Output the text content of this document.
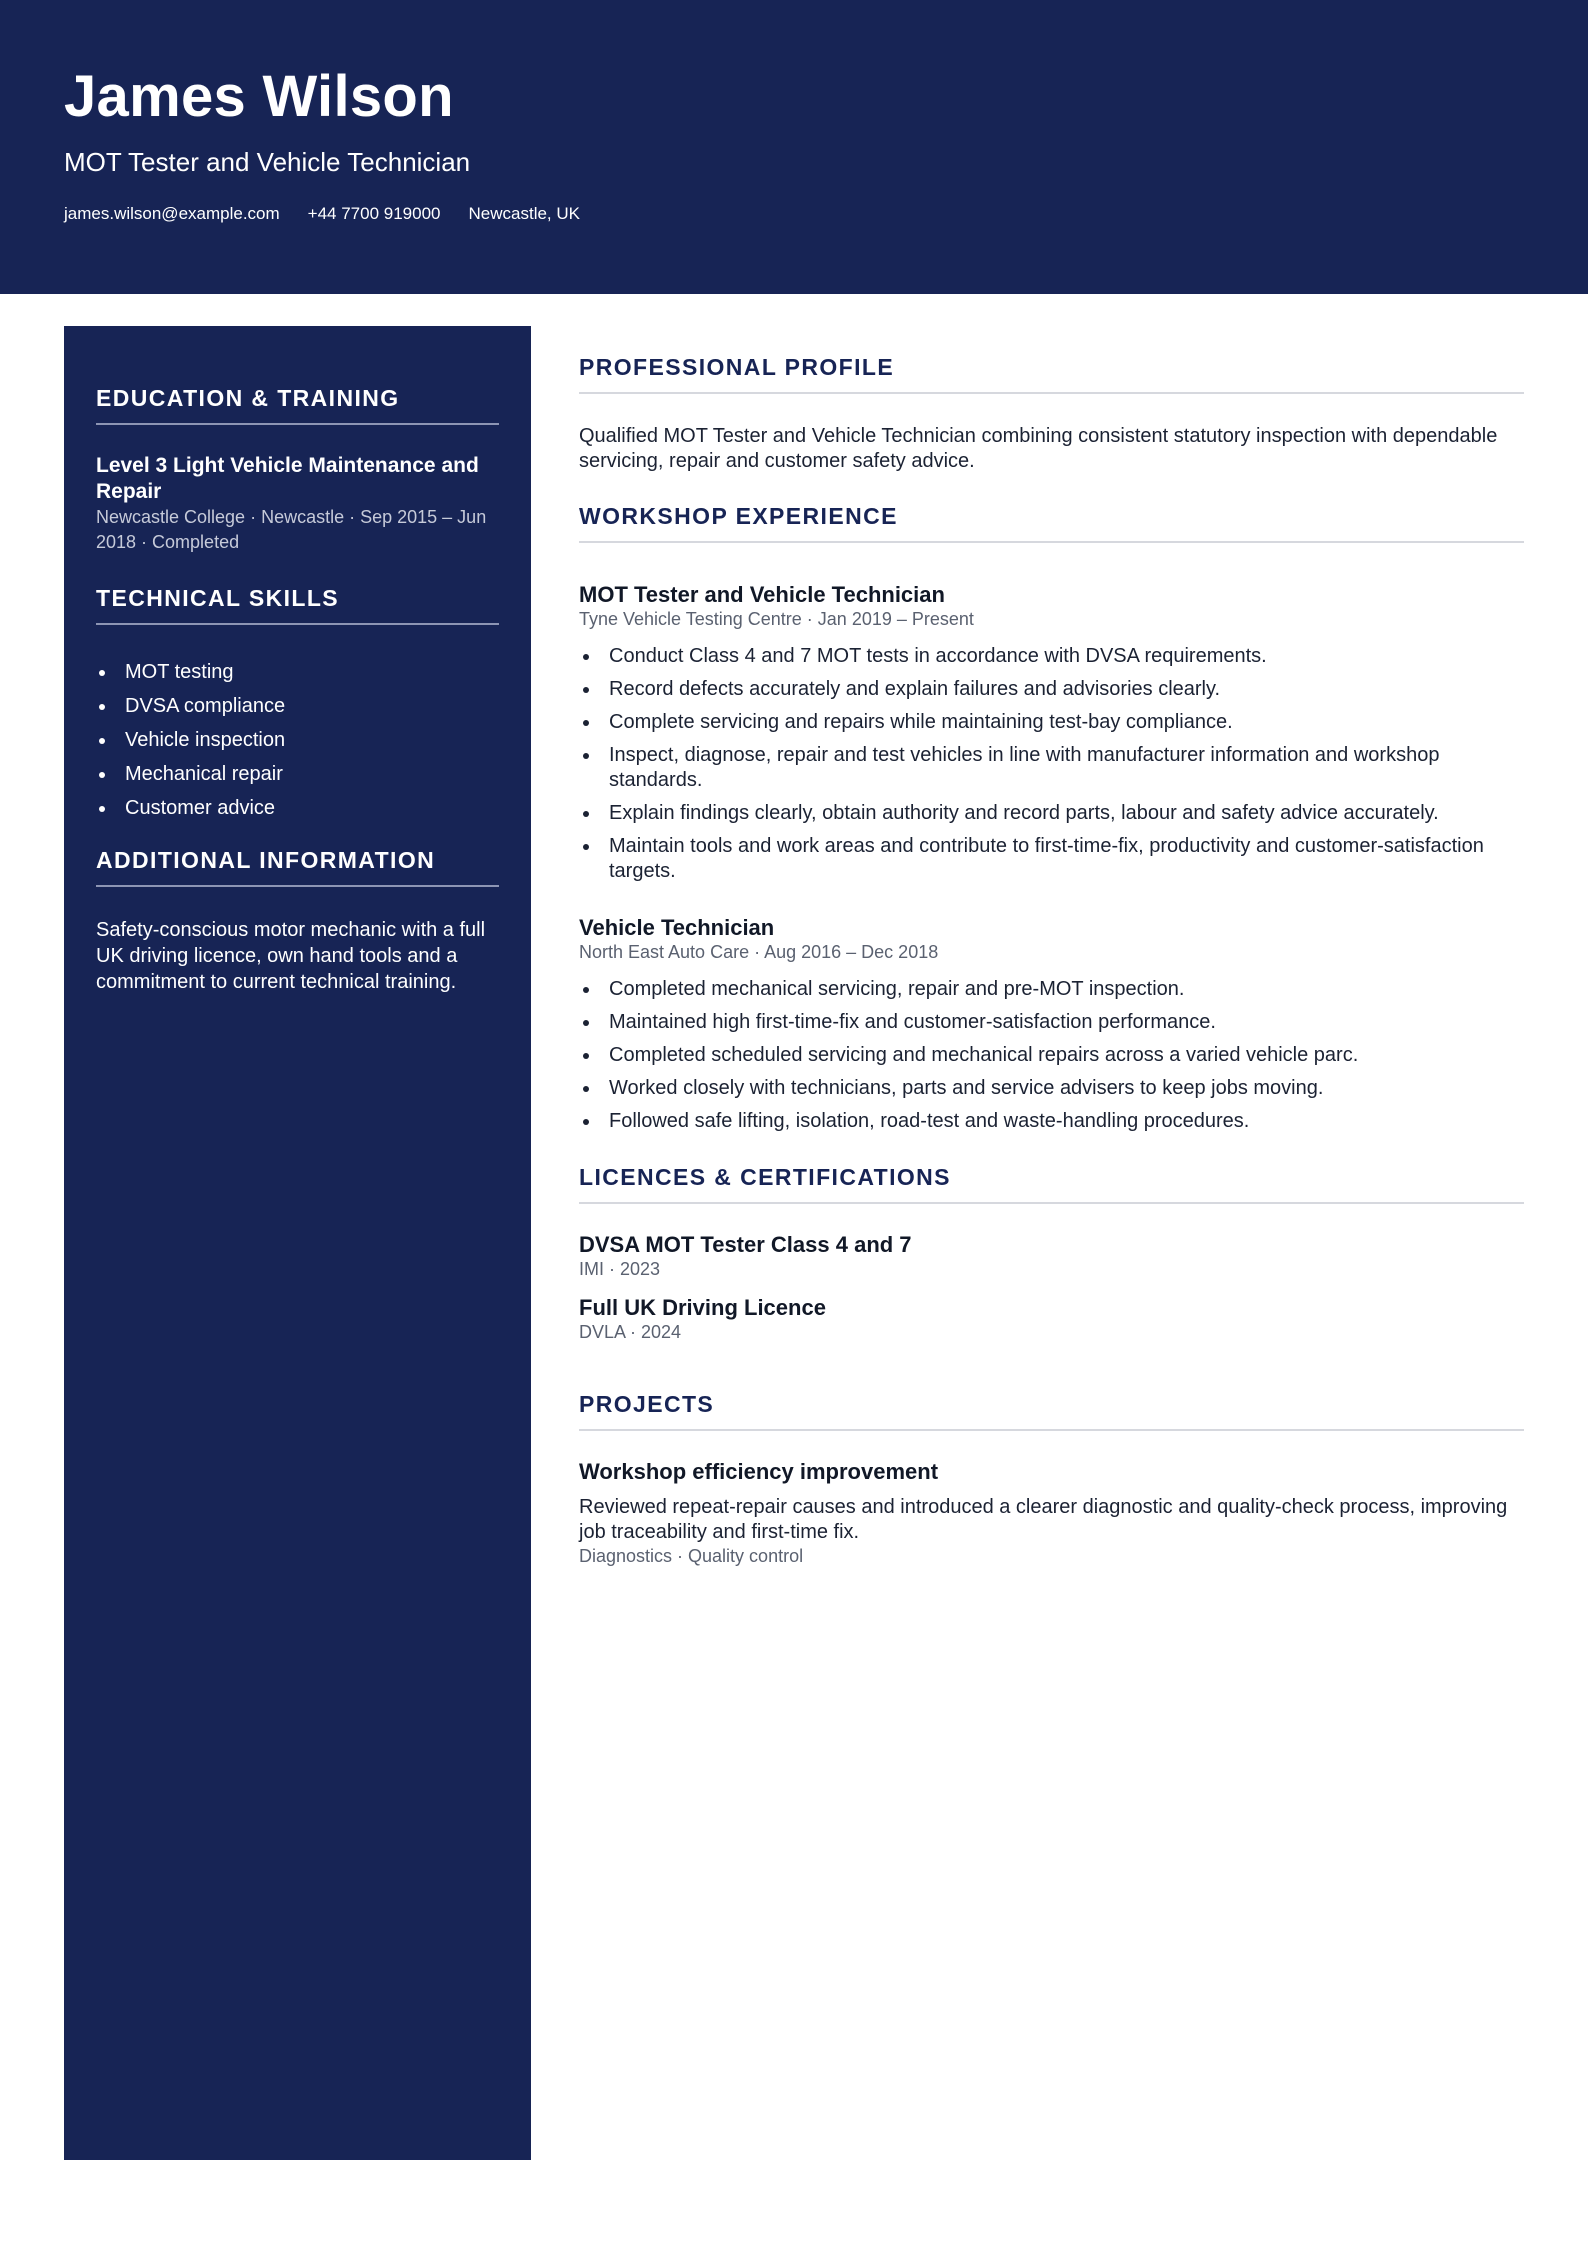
James Wilson
MOT Tester and Vehicle Technician
james.wilson@example.com +44 7700 919000 Newcastle, UK
EDUCATION & TRAINING
Level 3 Light Vehicle Maintenance and Repair
Newcastle College · Newcastle · Sep 2015 – Jun 2018 · Completed
TECHNICAL SKILLS
MOT testing
DVSA compliance
Vehicle inspection
Mechanical repair
Customer advice
ADDITIONAL INFORMATION

Safety-conscious motor mechanic with a full UK driving licence, own hand tools and a commitment to current technical training.

PROFESSIONAL PROFILE

Qualified MOT Tester and Vehicle Technician combining consistent statutory inspection with dependable servicing, repair and customer safety advice.

WORKSHOP EXPERIENCE
MOT Tester and Vehicle Technician
Tyne Vehicle Testing Centre · Jan 2019 – Present
Conduct Class 4 and 7 MOT tests in accordance with DVSA requirements.
Record defects accurately and explain failures and advisories clearly.
Complete servicing and repairs while maintaining test-bay compliance.
Inspect, diagnose, repair and test vehicles in line with manufacturer information and workshop standards.
Explain findings clearly, obtain authority and record parts, labour and safety advice accurately.
Maintain tools and work areas and contribute to first-time-fix, productivity and customer-satisfaction targets.
Vehicle Technician
North East Auto Care · Aug 2016 – Dec 2018
Completed mechanical servicing, repair and pre-MOT inspection.
Maintained high first-time-fix and customer-satisfaction performance.
Completed scheduled servicing and mechanical repairs across a varied vehicle parc.
Worked closely with technicians, parts and service advisers to keep jobs moving.
Followed safe lifting, isolation, road-test and waste-handling procedures.
LICENCES & CERTIFICATIONS
DVSA MOT Tester Class 4 and 7
IMI · 2023
Full UK Driving Licence
DVLA · 2024
PROJECTS
Workshop efficiency improvement

Reviewed repeat-repair causes and introduced a clearer diagnostic and quality-check process, improving job traceability and first-time fix.

Diagnostics · Quality control
